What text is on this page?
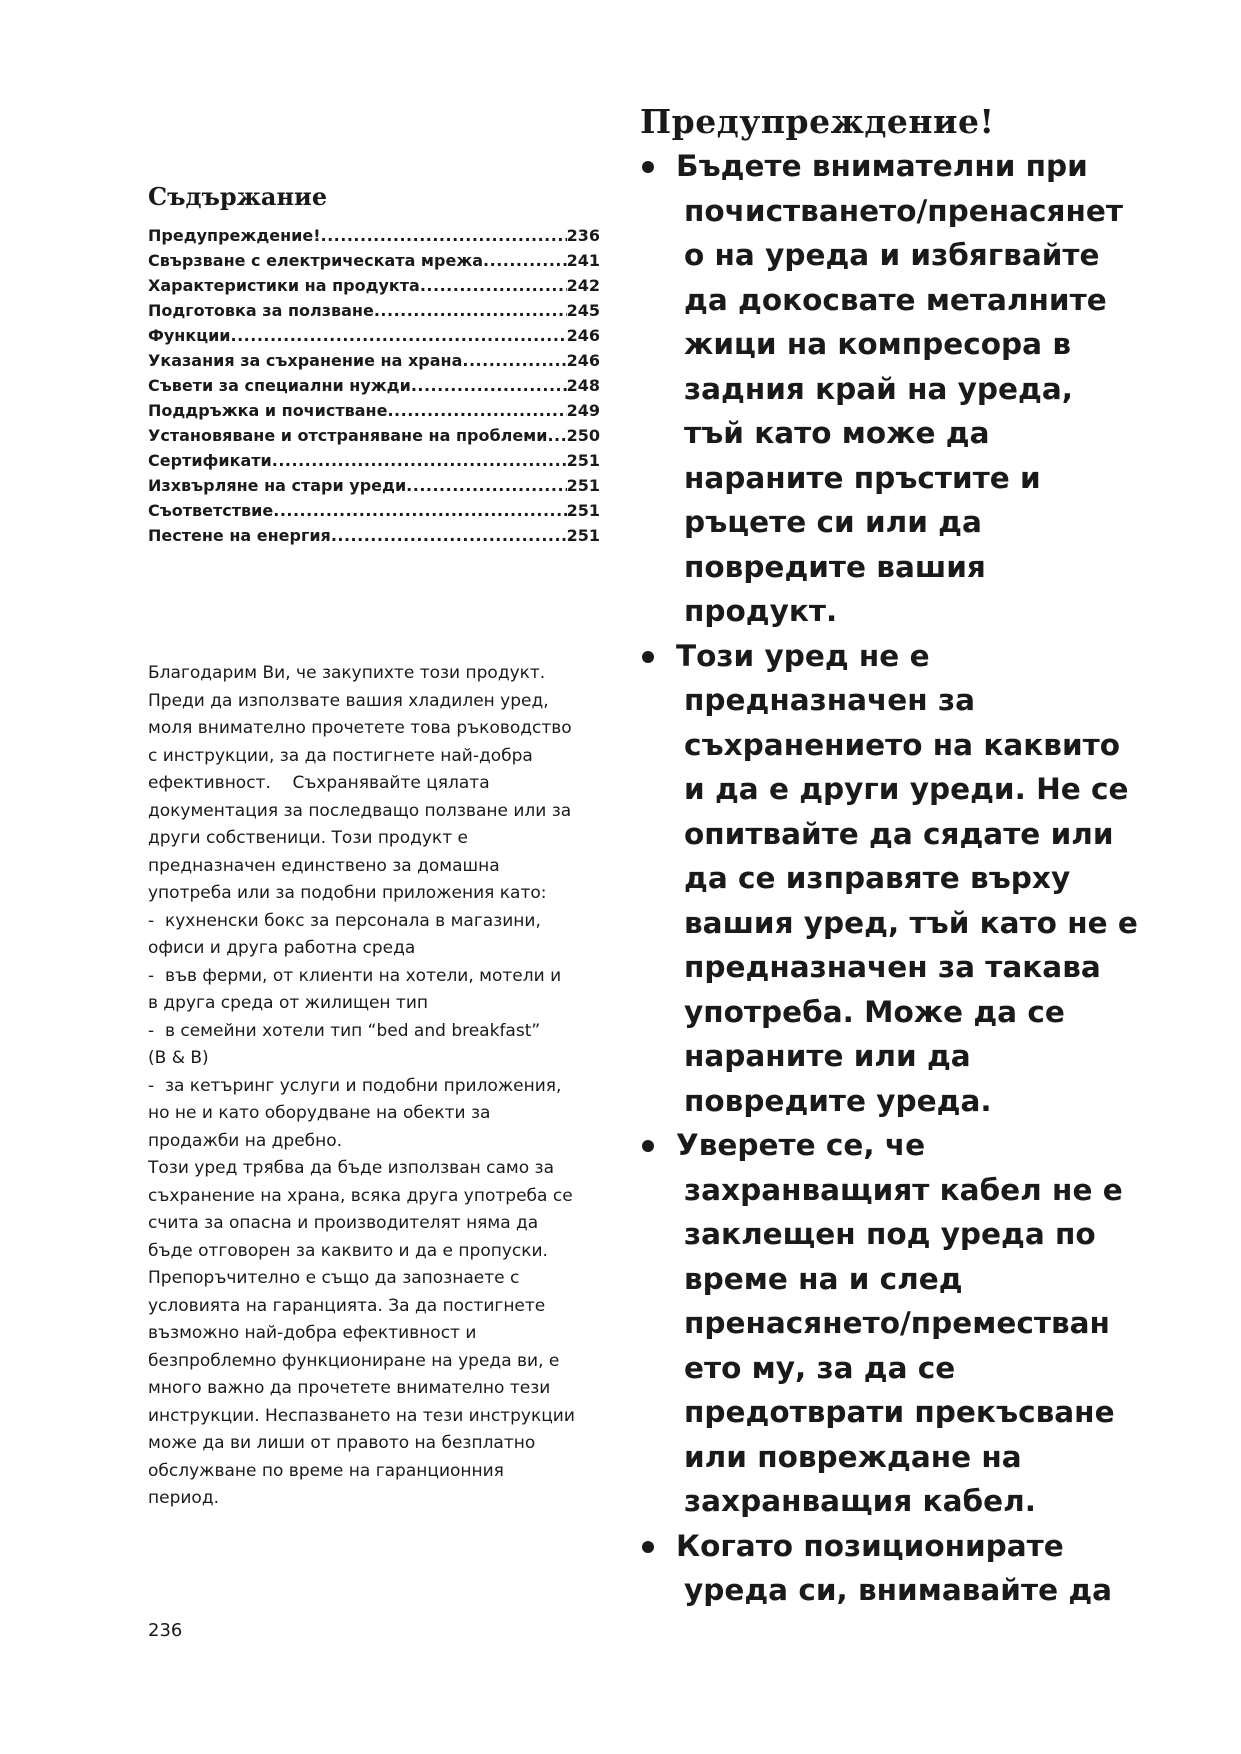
Съдържание
Предупреждение! .....	236
Свързване с електрическата мрежа .....	241
Характеристики на продукта .....	242
Подготовка за ползване .....	245
Функции .....	246
Указания за съхранение на храна .....	246
Съвети за специални нужди .....	248
Поддръжка и почистване .....	249
Установяване и отстраняване на проблеми ..... 250
Сертификати .....	251
Изхвърляне на стари уреди .....	251
Съответствие .....	251
Пестене на енергия .....	251
Благодарим Ви, че закупихте този продукт.
Преди да използвате вашия хладилен уред,
моля внимателно прочетете това ръководство
с инструкции, за да постигнете най-добра
ефективност.    Съхранявайте цялата
документация за последващо ползване или за
други собственици. Този продукт е
предназначен единствено за домашна
употреба или за подобни приложения като:
-  кухненски бокс за персонала в магазини,
офиси и друга работна среда
-  във ферми, от клиенти на хотели, мотели и
в друга среда от жилищен тип
-  в семейни хотели тип “bed and breakfast”
(B & B)
-  за кетъринг услуги и подобни приложения,
но не и като оборудване на обекти за
продажби на дребно.
Този уред трябва да бъде използван само за
съхранение на храна, всяка друга употреба се
счита за опасна и производителят няма да
бъде отговорен за каквито и да е пропуски.
Препоръчително е също да запознаете с
условията на гаранцията. За да постигнете
възможно най-добра ефективност и
безпроблемно функциониране на уреда ви, е
много важно да прочетете внимателно тези
инструкции. Неспазването на тези инструкции
може да ви лиши от правото на безплатно
обслужване по време на гаранционния
период.
Предупреждение!
Бъдете внимателни при
почистването/пренасянет
о на уреда и избягвайте
да докосвате металните
жици на компресора в
задния край на уреда,
тъй като може да
нараните пръстите и
ръцете си или да
повредите вашия
продукт.
Този уред не е
предназначен за
съхранението на каквито
и да е други уреди. Не се
опитвайте да сядате или
да се изправяте върху
вашия уред, тъй като не е
предназначен за такава
употреба. Може да се
нараните или да
повредите уреда.
Уверете се, че
захранващият кабел не е
заклещен под уреда по
време на и след
пренасянето/премeстван
ето му, за да се
предотврати прекъсване
или повреждане на
захранващия кабел.
Когато позиционирате
уреда си, внимавайте да

236
